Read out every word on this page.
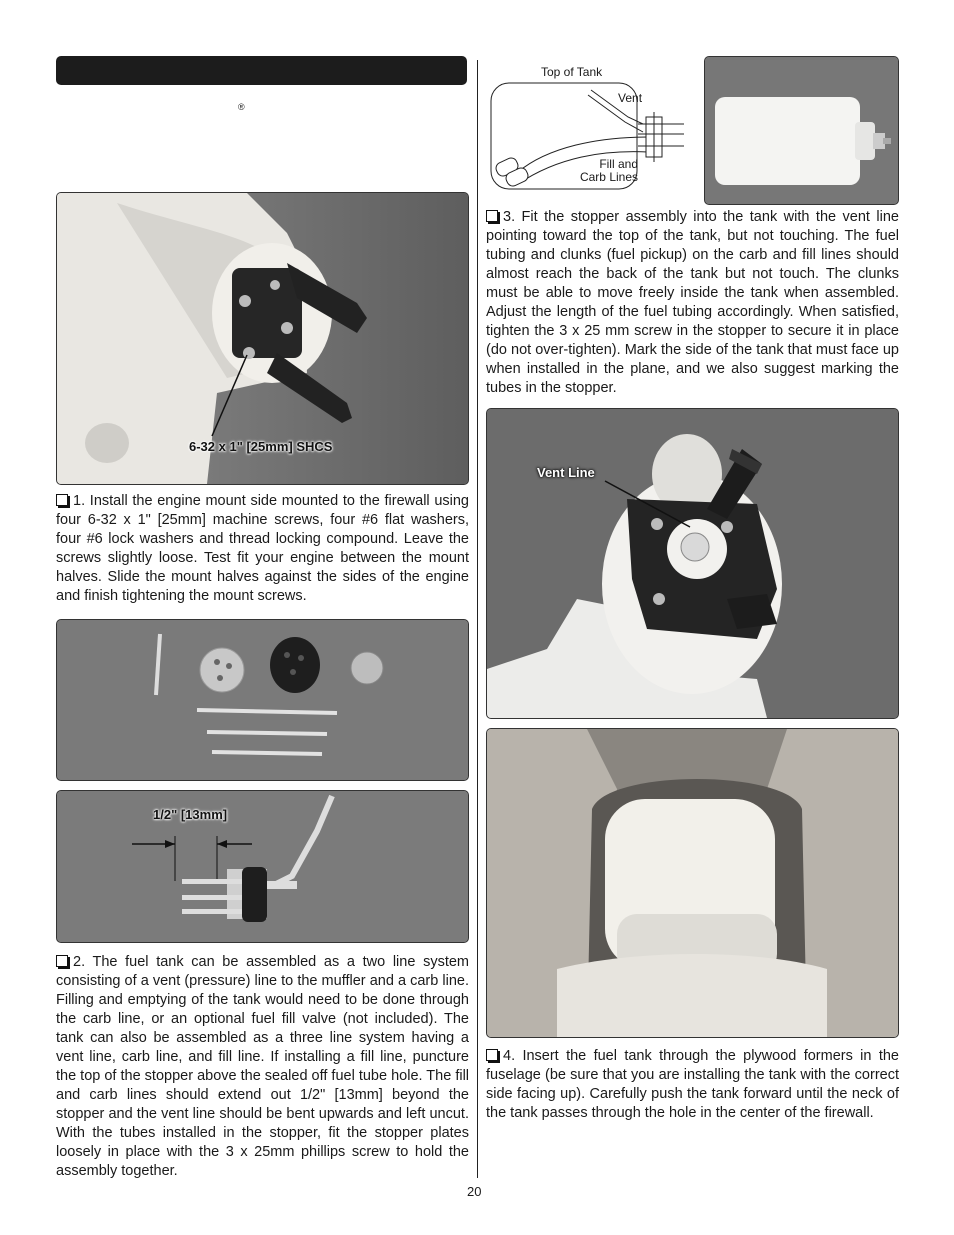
®
6-32 x 1" [25mm] SHCS
1. Install the engine mount side mounted to the firewall using four 6-32 x 1" [25mm] machine screws, four #6 flat washers, four #6 lock washers and thread locking compound. Leave the screws slightly loose. Test fit your engine between the mount halves. Slide the mount halves against the sides of the engine and finish tightening the mount screws.
1/2" [13mm]
2. The fuel tank can be assembled as a two line system consisting of a vent (pressure) line to the muffler and a carb line. Filling and emptying of the tank would need to be done through the carb line, or an optional fuel fill valve (not included). The tank can also be assembled as a three line system having a vent line, carb line, and fill line. If installing a fill line, puncture the top of the stopper above the sealed off fuel tube hole. The fill and carb lines should extend out 1/2" [13mm] beyond the stopper and the vent line should be bent upwards and left uncut. With the tubes installed in the stopper, fit the stopper plates loosely in place with the 3 x 25mm phillips screw to hold the assembly together.
Top of Tank
Vent
Fill and
Carb Lines
3. Fit the stopper assembly into the tank with the vent line pointing toward the top of the tank, but not touching. The fuel tubing and clunks (fuel pickup) on the carb and fill lines should almost reach the back of the tank but not touch. The clunks must be able to move freely inside the tank when assembled. Adjust the length of the fuel tubing accordingly. When satisfied, tighten the 3 x 25 mm screw in the stopper to secure it in place (do not over-tighten). Mark the side of the tank that must face up when installed in the plane, and we also suggest marking the tubes in the stopper.
Vent Line
4. Insert the fuel tank through the plywood formers in the fuselage (be sure that you are installing the tank with the correct side facing up). Carefully push the tank forward until the neck of the tank passes through the hole in the center of the firewall.
20
